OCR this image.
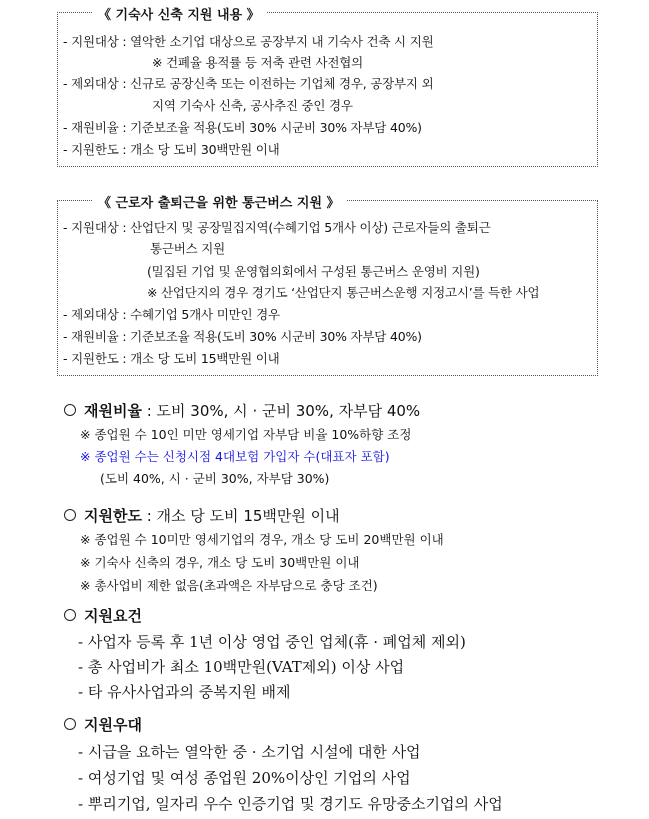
《 기숙사 신축 지원 내용 》
- 지원대상 : 열악한 소기업 대상으로 공장부지 내 기숙사 건축 시 지원
※ 건폐율 용적률 등 저축 관련 사전협의
- 제외대상 : 신규로 공장신축 또는 이전하는 기업체 경우, 공장부지 외
지역 기숙사 신축, 공사추진 중인 경우
- 재원비율 : 기준보조율 적용(도비 30% 시군비 30% 자부담 40%)
- 지원한도 : 개소 당 도비 30백만원 이내
《 근로자 출퇴근을 위한 통근버스 지원 》
- 지원대상 : 산업단지 및 공장밀집지역(수혜기업 5개사 이상) 근로자들의 출퇴근
통근버스 지원
(밀집된 기업 및 운영협의회에서 구성된 통근버스 운영비 지원)
※ 산업단지의 경우 경기도 ‘산업단지 통근버스운행 지정고시’를 득한 사업
- 제외대상 : 수혜기업 5개사 미만인 경우
- 재원비율 : 기준보조율 적용(도비 30% 시군비 30% 자부담 40%)
- 지원한도 : 개소 당 도비 15백만원 이내
재원비율 : 도비 30%, 시 · 군비 30%, 자부담 40%
※ 종업원 수 10인 미만 영세기업 자부담 비율 10%하향 조정
※ 종업원 수는 신청시점 4대보험 가입자 수(대표자 포함)
(도비 40%, 시 · 군비 30%, 자부담 30%)
지원한도 : 개소 당 도비 15백만원 이내
※ 종업원 수 10미만 영세기업의 경우, 개소 당 도비 20백만원 이내
※ 기숙사 신축의 경우, 개소 당 도비 30백만원 이내
※ 총사업비 제한 없음(초과액은 자부담으로 충당 조건)
지원요건
- 사업자 등록 후 1년 이상 영업 중인 업체(휴 · 폐업체 제외)
- 총 사업비가 최소 10백만원(VAT제외) 이상 사업
- 타 유사사업과의 중복지원 배제
지원우대
- 시급을 요하는 열악한 중 · 소기업 시설에 대한 사업
- 여성기업 및 여성 종업원 20%이상인 기업의 사업
- 뿌리기업, 일자리 우수 인증기업 및 경기도 유망중소기업의 사업
